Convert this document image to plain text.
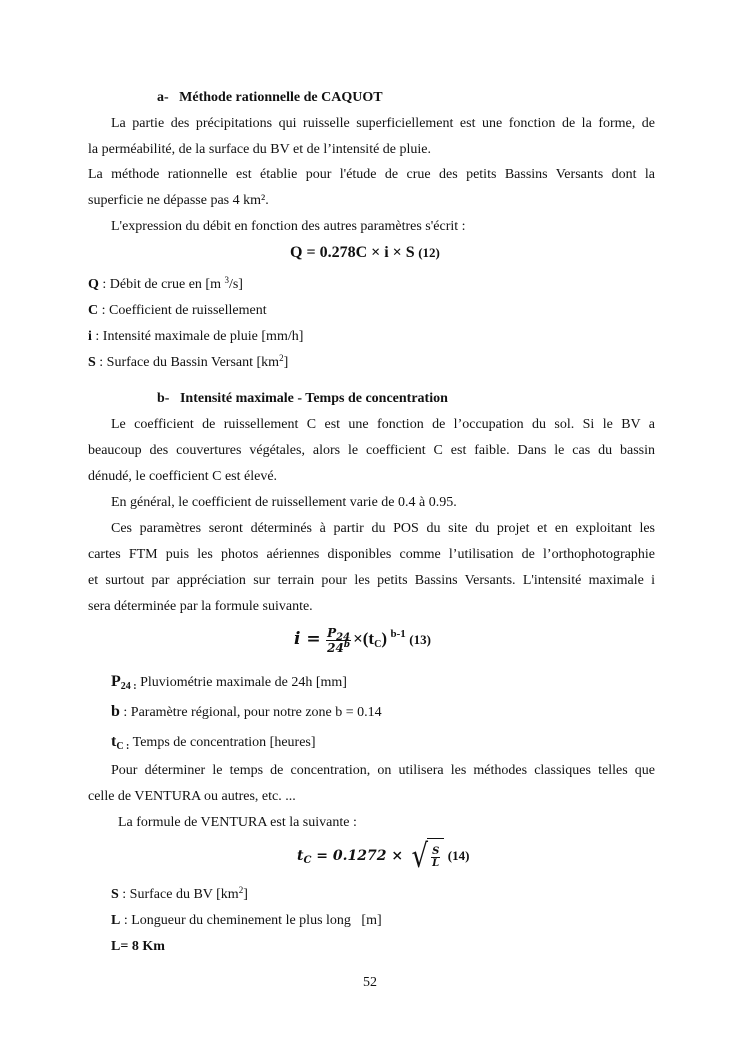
a- Méthode rationnelle de CAQUOT
La partie des précipitations qui ruisselle superficiellement est une fonction de la forme, de
la perméabilité, de la surface du BV et de l’intensité de pluie.
La méthode rationnelle est établie pour l'étude de crue des petits Bassins Versants dont la
superficie ne dépasse pas 4 km².
L'expression du débit en fonction des autres paramètres s'écrit :
Q = 0.278C × i × S (12)
Q : Débit de crue en [m $^3$/s]
C : Coefficient de ruissellement
i : Intensité maximale de pluie [mm/h]
S : Surface du Bassin Versant $[km^2]$
b- Intensité maximale - Temps de concentration
Le coefficient de ruissellement C est une fonction de l’occupation du sol. Si le BV a
beaucoup des couvertures végétales, alors le coefficient C est faible. Dans le cas du bassin
dénudé, le coefficient C est élevé.
En général, le coefficient de ruissellement varie de 0.4 à 0.95.
Ces paramètres seront déterminés à partir du POS du site du projet et en exploitant les
cartes FTM puis les photos aériennes disponibles comme l’utilisation de l’orthophotographie
et surtout par appréciation sur terrain pour les petits Bassins Versants. L'intensité maximale i
sera déterminée par la formule suivante.
$i = \frac{P_{24}}{24^b} \times(t_C)$ $^{b-1}$ (13)
$P_{24 :}$ Pluviométrie maximale de 24h [mm]
b : Paramètre régional, pour notre zone b = 0.14
$t_{C :}$ Temps de concentration [heures]
Pour déterminer le temps de concentration, on utilisera les méthodes classiques telles que
celle de VENTURA ou autres, etc. ...
La formule de VENTURA est la suivante :
$t_C = 0.1272$ ×  √ $\frac{S}{L} (14)$
S : Surface du BV $[km^2]$
L : Longueur du cheminement le plus long   [m]
L= 8 Km
52
